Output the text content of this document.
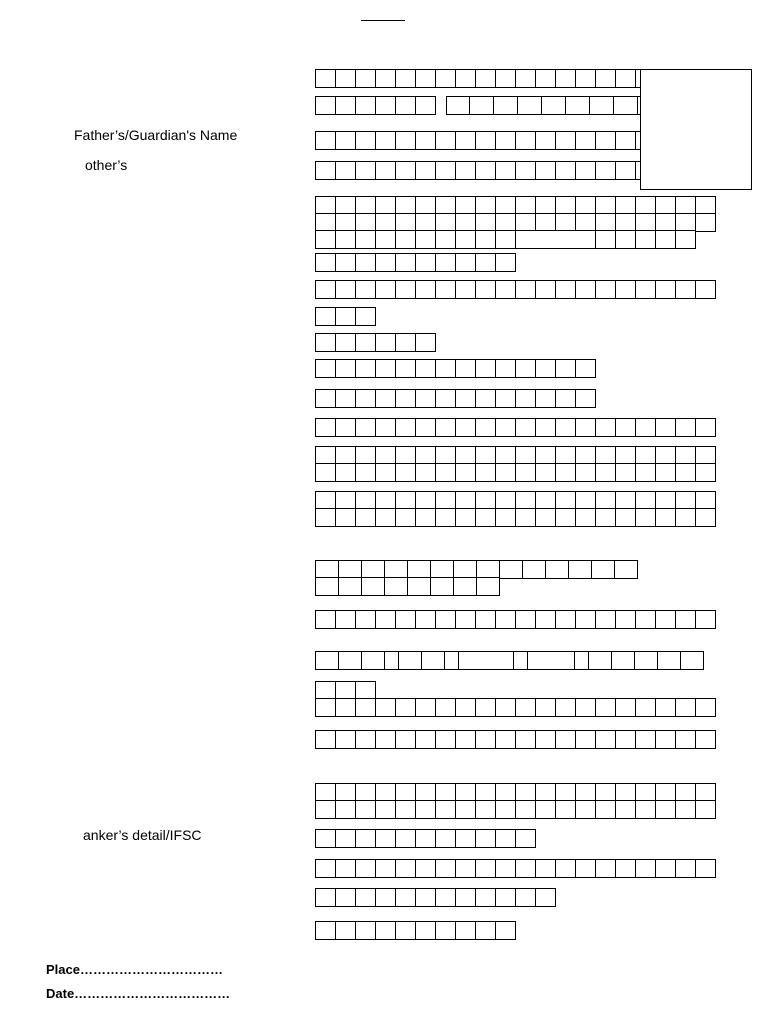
Father’s/Guardian's Name
other’s
anker’s detail/IFSC
Place……………………………
Date………………………………
